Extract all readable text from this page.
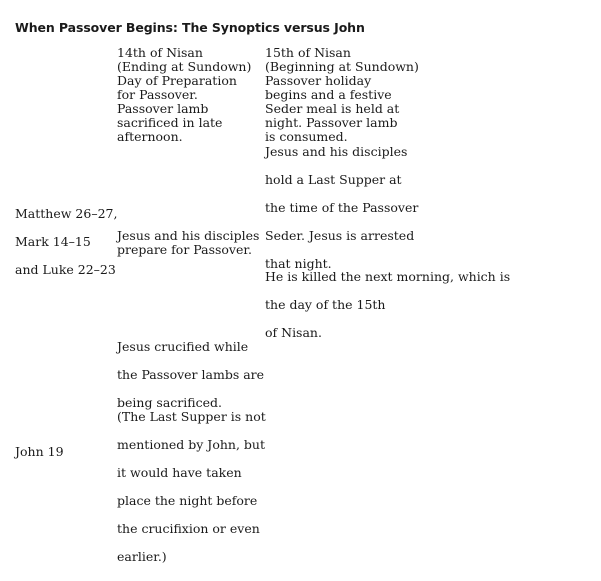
When Passover Begins: The Synoptics versus John
14th of Nisan
(Ending at Sundown)
Day of Preparation
for Passover.
Passover lamb
sacrificed in late
afternoon.
15th of Nisan
(Beginning at Sundown)
Passover holiday
begins and a festive
Seder meal is held at
night. Passover lamb
is consumed.
Matthew 26–27,
Mark 14–15
and Luke 22–23
Jesus and his disciples
prepare for Passover.
Jesus and his disciples
hold a Last Supper at
the time of the Passover
Seder. Jesus is arrested
that night.
He is killed the next morning, which is
the day of the 15th
of Nisan.
John 19
Jesus crucified while
the Passover lambs are
being sacrificed.
(The Last Supper is not
mentioned by John, but
it would have taken
place the night before
the crucifixion or even
earlier.)
